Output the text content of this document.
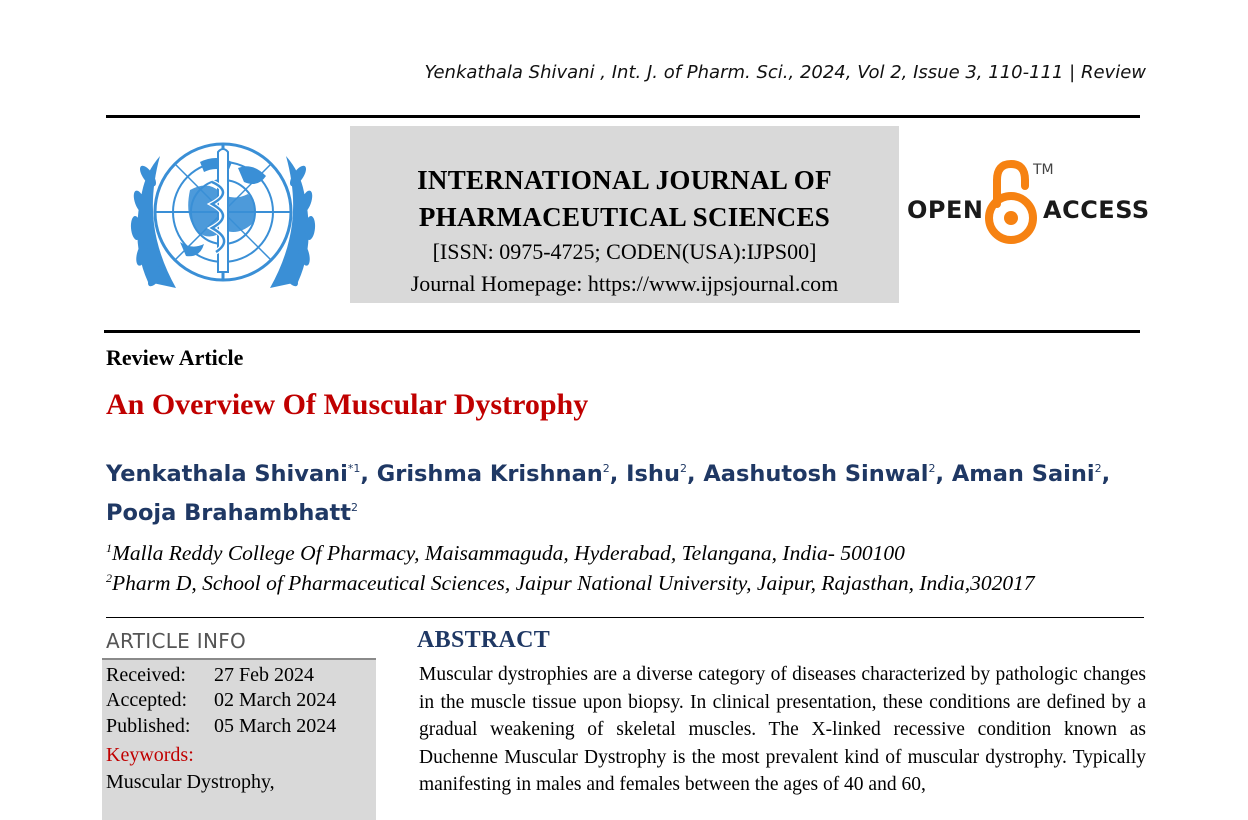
Yenkathala Shivani , Int. J. of Pharm. Sci., 2024, Vol 2, Issue 3, 110-111 | Review
INTERNATIONAL JOURNAL OF
PHARMACEUTICAL SCIENCES
[ISSN: 0975-4725; CODEN(USA):IJPS00]
Journal Homepage: https://www.ijpsjournal.com
OPEN
TM
ACCESS
Review Article
An Overview Of Muscular Dystrophy
Yenkathala Shivani$^{*1}$, Grishma Krishnan$^2$, Ishu$^2$, Aashutosh Sinwal$^2$, Aman Saini$^2$,
Pooja Brahambhatt$^2$
$^1$Malla Reddy College Of Pharmacy, Maisammaguda, Hyderabad, Telangana, India- 500100
$^2$Pharm D, School of Pharmaceutical Sciences, Jaipur National University, Jaipur, Rajasthan, India,302017
ARTICLE INFO
Received: 27 Feb 2024
Accepted: 02 March 2024
Published: 05 March 2024
Keywords:
Muscular Dystrophy,
ABSTRACT
Muscular dystrophies are a diverse category of diseases characterized by pathologic changes in the muscle tissue upon biopsy. In clinical presentation, these conditions are defined by a gradual weakening of skeletal muscles. The X-linked recessive condition known as Duchenne Muscular Dystrophy is the most prevalent kind of muscular dystrophy. Typically manifesting in males and females between the ages of 40 and 60,
